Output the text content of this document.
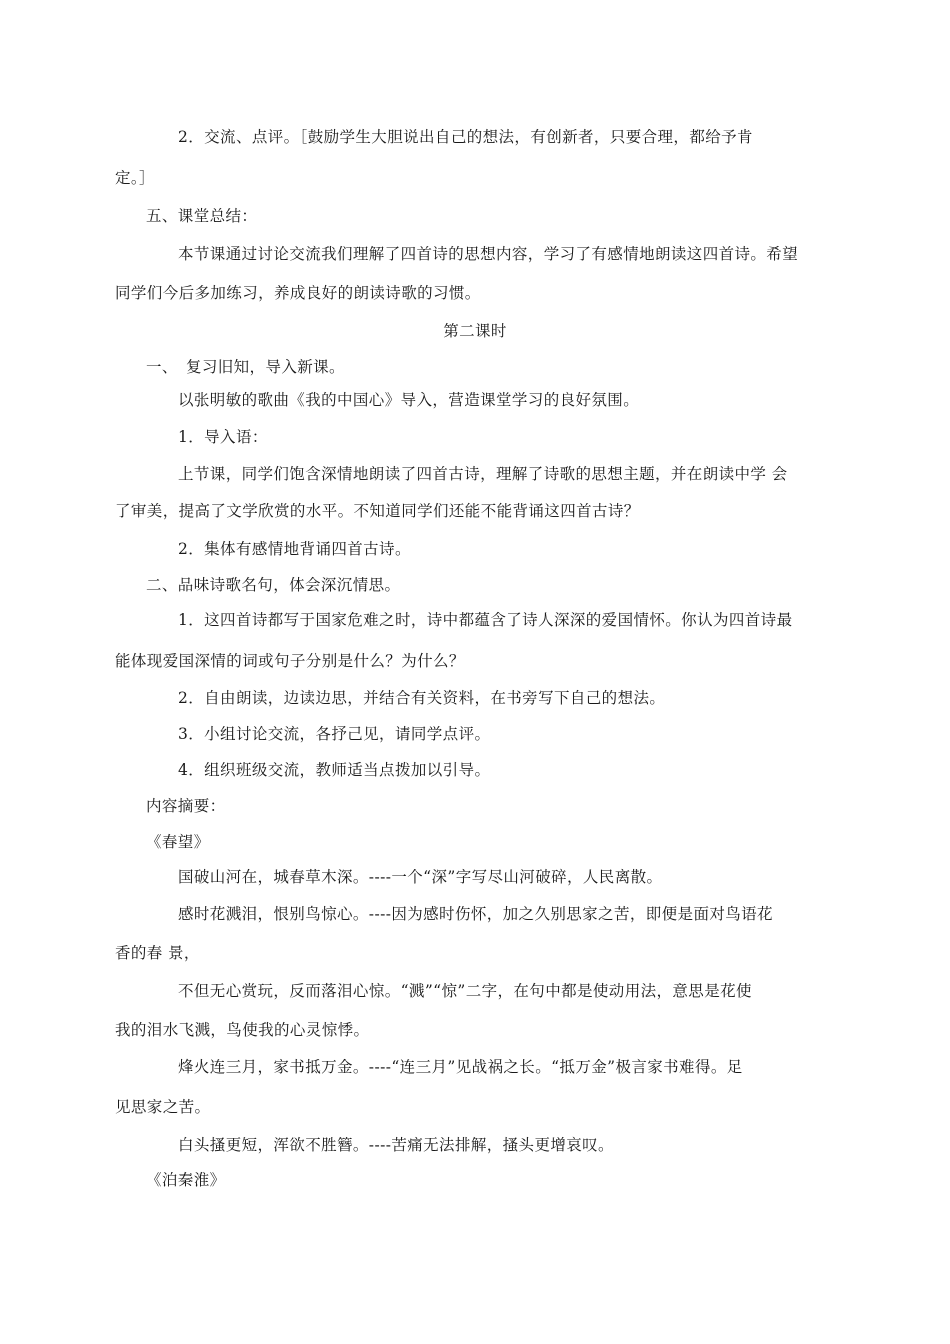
2．交流、点评。［鼓励学生大胆说出自己的想法，有创新者，只要合理，都给予肯
定。］
五、课堂总结：
本节课通过讨论交流我们理解了四首诗的思想内容，学习了有感情地朗读这四首诗。希望
同学们今后多加练习，养成良好的朗读诗歌的习惯。
第二课时
一、　复习旧知，导入新课。
以张明敏的歌曲《我的中国心》导入，营造课堂学习的良好氛围。
1．导入语：
上节课，同学们饱含深情地朗读了四首古诗，理解了诗歌的思想主题，并在朗读中学 会
了审美，提高了文学欣赏的水平。不知道同学们还能不能背诵这四首古诗？
2．集体有感情地背诵四首古诗。
二、品味诗歌名句，体会深沉情思。
1．这四首诗都写于国家危难之时，诗中都蕴含了诗人深深的爱国情怀。你认为四首诗最
能体现爱国深情的词或句子分别是什么？为什么？
2．自由朗读，边读边思，并结合有关资料，在书旁写下自己的想法。
3．小组讨论交流，各抒己见，请同学点评。
4．组织班级交流，教师适当点拨加以引导。
内容摘要：
《春望》
国破山河在，城春草木深。----一个“深”字写尽山河破碎，人民离散。
感时花溅泪，恨别鸟惊心。----因为感时伤怀，加之久别思家之苦，即便是面对鸟语花
香的春 景，
不但无心赏玩，反而落泪心惊。“溅”“惊”二字，在句中都是使动用法，意思是花使
我的泪水飞溅，鸟使我的心灵惊悸。
烽火连三月，家书抵万金。----“连三月”见战祸之长。“抵万金”极言家书难得。足
见思家之苦。
白头搔更短，浑欲不胜簪。----苦痛无法排解，搔头更增哀叹。
《泊秦淮》
